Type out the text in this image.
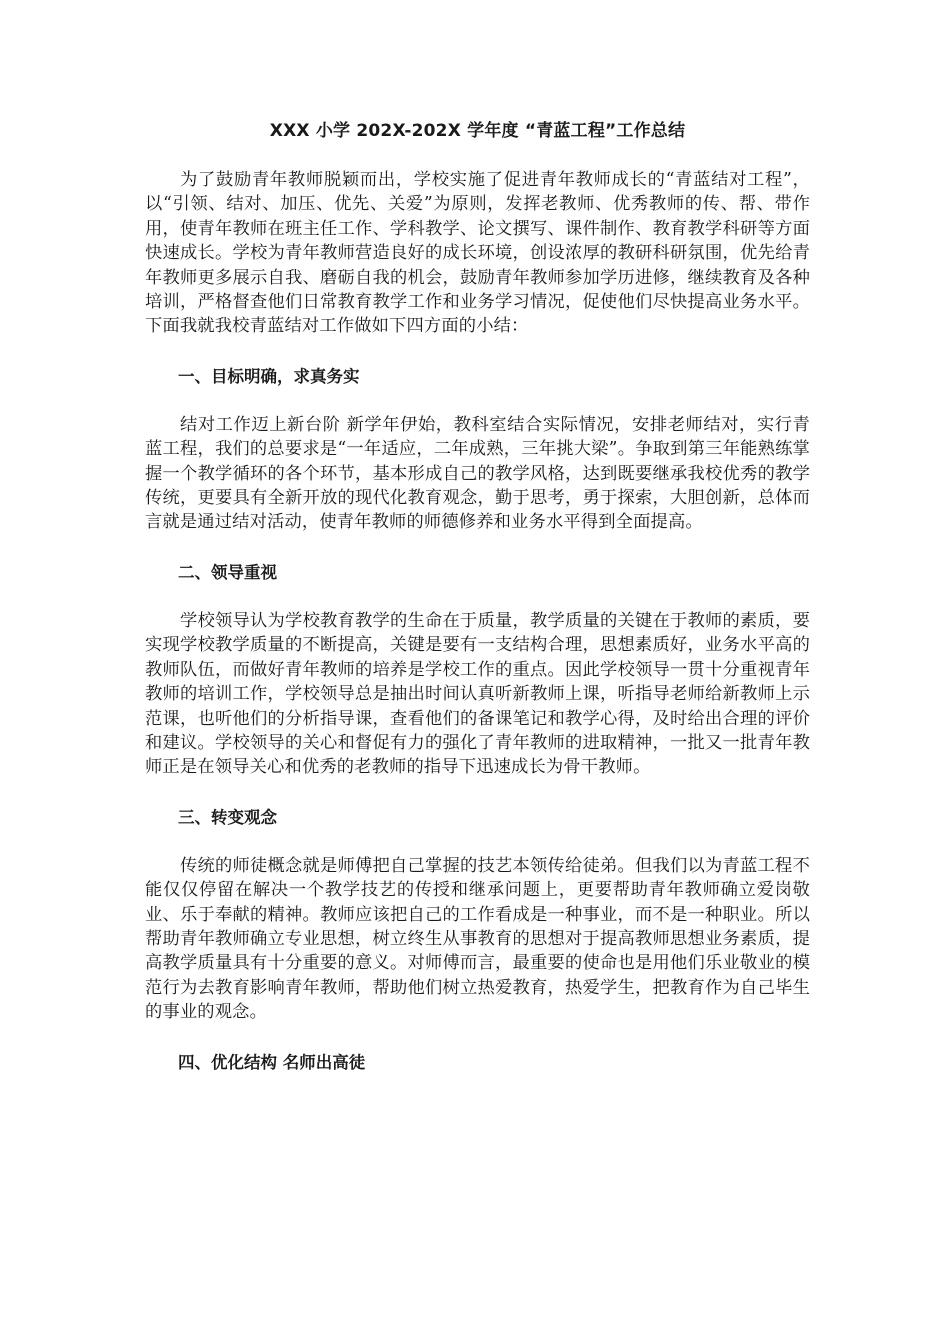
XXX 小学 202X-202X 学年度 “青蓝工程”工作总结

为了鼓励青年教师脱颖而出，学校实施了促进青年教师成长的“青蓝结对工程”，以“引领、结对、加压、优先、关爱”为原则，发挥老教师、优秀教师的传、帮、带作用，使青年教师在班主任工作、学科教学、论文撰写、课件制作、教育教学科研等方面快速成长。学校为青年教师营造良好的成长环境，创设浓厚的教研科研氛围，优先给青年教师更多展示自我、磨砺自我的机会，鼓励青年教师参加学历进修，继续教育及各种培训，严格督查他们日常教育教学工作和业务学习情况，促使他们尽快提高业务水平。下面我就我校青蓝结对工作做如下四方面的小结：

一、目标明确，求真务实

结对工作迈上新台阶 新学年伊始，教科室结合实际情况，安排老师结对，实行青蓝工程，我们的总要求是“一年适应，二年成熟，三年挑大梁”。争取到第三年能熟练掌握一个教学循环的各个环节，基本形成自己的教学风格，达到既要继承我校优秀的教学传统，更要具有全新开放的现代化教育观念，勤于思考，勇于探索，大胆创新，总体而言就是通过结对活动，使青年教师的师德修养和业务水平得到全面提高。

二、领导重视

学校领导认为学校教育教学的生命在于质量，教学质量的关键在于教师的素质，要实现学校教学质量的不断提高，关键是要有一支结构合理，思想素质好，业务水平高的教师队伍，而做好青年教师的培养是学校工作的重点。因此学校领导一贯十分重视青年教师的培训工作，学校领导总是抽出时间认真听新教师上课，听指导老师给新教师上示范课，也听他们的分析指导课，查看他们的备课笔记和教学心得，及时给出合理的评价和建议。学校领导的关心和督促有力的强化了青年教师的进取精神，一批又一批青年教师正是在领导关心和优秀的老教师的指导下迅速成长为骨干教师。

三、转变观念

传统的师徒概念就是师傅把自己掌握的技艺本领传给徒弟。但我们以为青蓝工程不能仅仅停留在解决一个教学技艺的传授和继承问题上，更要帮助青年教师确立爱岗敬业、乐于奉献的精神。教师应该把自己的工作看成是一种事业，而不是一种职业。所以帮助青年教师确立专业思想，树立终生从事教育的思想对于提高教师思想业务素质，提高教学质量具有十分重要的意义。对师傅而言，最重要的使命也是用他们乐业敬业的模范行为去教育影响青年教师，帮助他们树立热爱教育，热爱学生，把教育作为自己毕生的事业的观念。

四、优化结构 名师出高徒
